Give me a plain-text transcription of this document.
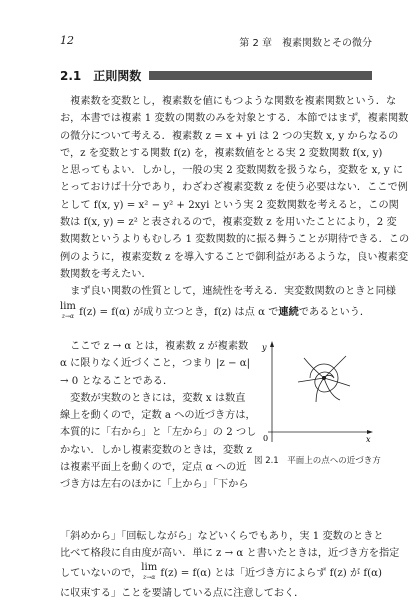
12	第 2 章　複素関数とその微分
2.1　正則関数
　複素数を変数とし，複素数を値にもつような関数を複素関数という．な
お，本書では複素 1 変数の関数のみを対象とする．本節ではまず，複素関数
の微分について考える．複素数 z = x + yi は 2 つの実数 x, y からなるの
で，z を変数とする関数 f(z) を，複素数値をとる実 2 変数関数 f(x, y)
と思ってもよい．しかし，一般の実 2 変数関数を扱うなら，変数を x, y に
とっておけば十分であり，わざわざ複素変数 z を使う必要はない．ここで例
として f(x, y) = x² − y² + 2xyi という実 2 変数関数を考えると，この関
数は f(x, y) = z² と表されるので，複素変数 z を用いたことにより，2 変
数関数というよりもむしろ 1 変数関数的に振る舞うことが期待できる．この
例のように，複素変数 z を導入することで御利益があるような，良い複素変
数関数を考えたい．
　まず良い関数の性質として，連続性を考える．実変数関数のときと同様
lim
z→α f(z) = f(α) が成り立つとき，f(z) は点 α で連続であるという．
　ここで z → α とは，複素数 z が複素数
α に限りなく近づくこと，つまり |z − α|
→ 0 となることである．
　変数が実数のときには，変数 x は数直
線上を動くので，定数 a への近づき方は，
本質的に「右から」と「左から」の 2 つし
かない．しかし複素変数のときは，変数 z
は複素平面上を動くので，定点 α への近
づき方は左右のほかに「上から」「下から
y
x
0
図 2.1　平面上の点への近づき方
「斜めから」「回転しながら」などいくらでもあり，実 1 変数のときと
比べて格段に自由度が高い．単に z → α と書いたときは，近づき方を指定
していないので，
lim
z→α f(z) = f(α) とは「近づき方によらず f(z) が f(α)
に収束する」ことを要請している点に注意しておく．
